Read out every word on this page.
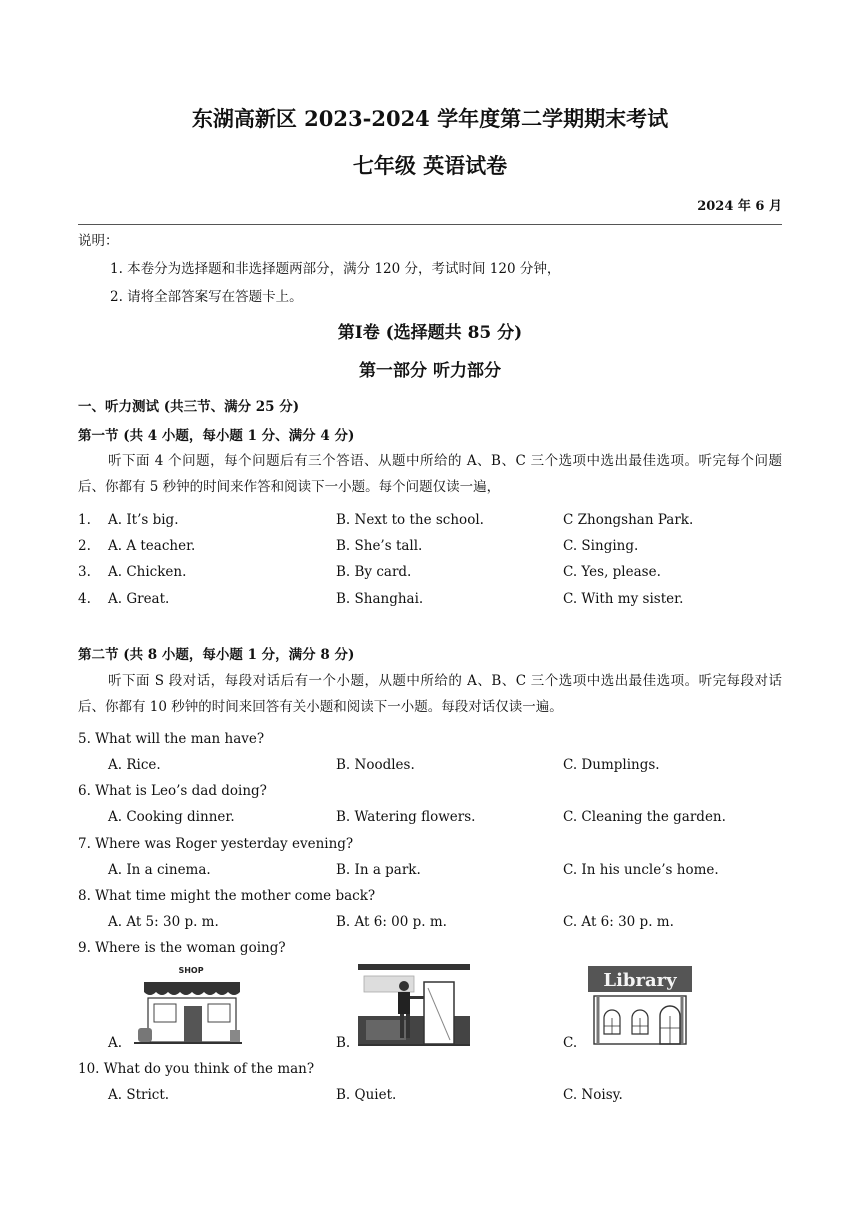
东湖高新区 2023-2024 学年度第二学期期末考试
七年级 英语试卷
2024 年 6 月
说明：
1. 本卷分为选择题和非选择题两部分，满分 120 分，考试时间 120 分钟，
2. 请将全部答案写在答题卡上。
第Ⅰ卷 (选择题共 85 分)
第一部分 听力部分
一、听力测试 (共三节、满分 25 分)
第一节 (共 4 小题，每小题 1 分、满分 4 分)
听下面 4 个问题，每个问题后有三个答语、从题中所给的 A、B、C 三个选项中选出最佳选项。听完每个问题后、你都有 5 秒钟的时间来作答和阅读下一小题。每个问题仅读一遍，
1. A. It’s big.	B. Next to the school.	C Zhongshan Park.
2. A. A teacher.	B. She’s tall.	C. Singing.
3. A. Chicken.	B. By card.	C. Yes, please.
4. A. Great.	B. Shanghai.	C. With my sister.
第二节 (共 8 小题，每小题 1 分，满分 8 分)
听下面 S 段对话，每段对话后有一个小题，从题中所给的 A、B、C 三个选项中选出最佳选项。听完每段对话后、你都有 10 秒钟的时间来回答有关小题和阅读下一小题。每段对话仅读一遍。
5. What will the man have?
A. Rice.	B. Noodles.	C. Dumplings.
6. What is Leo’s dad doing?
A. Cooking dinner.	B. Watering flowers.	C. Cleaning the garden.
7. Where was Roger yesterday evening?
A. In a cinema.	B. In a park.	C. In his uncle’s home.
8. What time might the mother come back?
A. At 5: 30 p. m.	B. At 6: 00 p. m.	C. At 6: 30 p. m.
9. Where is the woman going?
SHOP	Library
A.	B.	C.
10. What do you think of the man?
A. Strict.	B. Quiet.	C. Noisy.
